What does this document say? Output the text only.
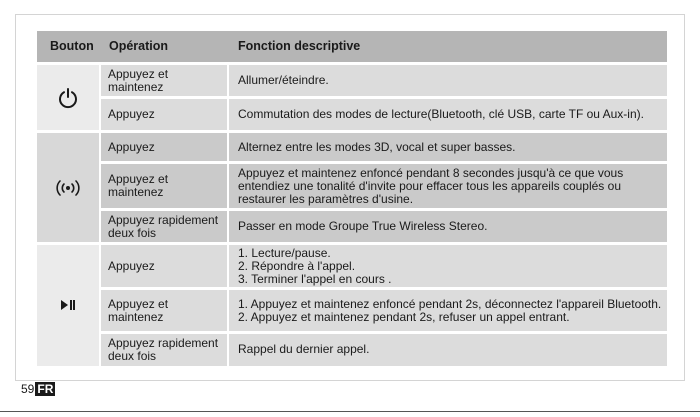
Bouton	Opération	Fonction descriptive

	Appuyez et maintenez	Allumer/éteindre.
	Appuyez	Commutation des modes de lecture(Bluetooth, clé USB, carte TF ou Aux-in).

	Appuyez	Alternez entre les modes 3D, vocal et super basses.
	Appuyez et maintenez	Appuyez et maintenez enfoncé pendant 8 secondes jusqu'à ce que vous entendiez une tonalité d'invite pour effacer tous les appareils couplés ou restaurer les paramètres d'usine.
	Appuyez rapidement deux fois	Passer en mode Groupe True Wireless Stereo.

	Appuyez	1. Lecture/pause.
2. Répondre à l'appel.
3. Terminer l'appel en cours .

	Appuyez et maintenez	1. Appuyez et maintenez enfoncé pendant 2s, déconnectez l'appareil Bluetooth.
2. Appuyez et maintenez pendant 2s, refuser un appel entrant.

	Appuyez rapidement deux fois	Rappel du dernier appel.
59 FR
